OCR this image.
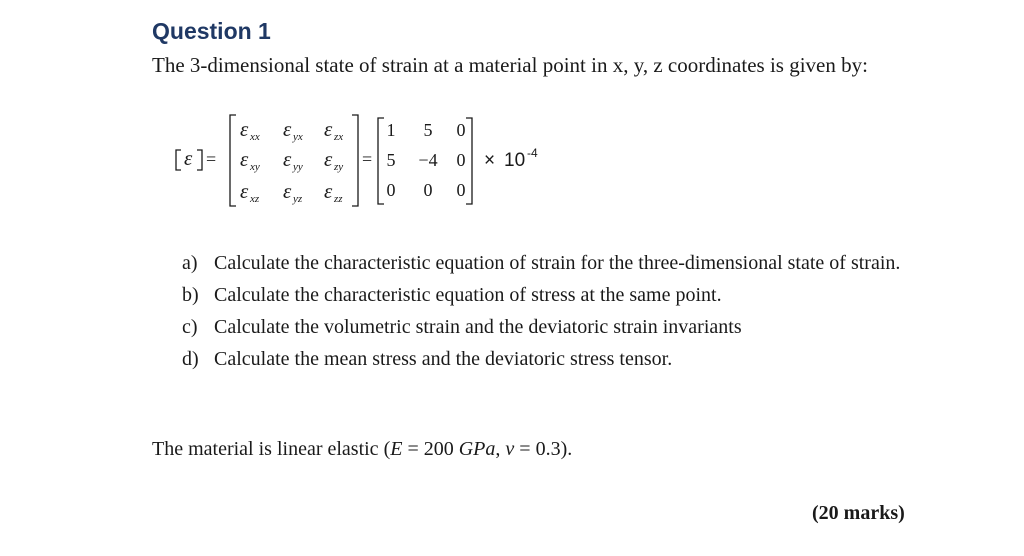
Question 1
The 3-dimensional state of strain at a material point in x, y, z coordinates is given by:
ε =
ε xx ε yx ε zx
ε xy ε yy ε zy
ε xz ε yz ε zz
=
1 5 0
5 −4 0
0 0 0
× 10 -4
a) Calculate the characteristic equation of strain for the three-dimensional state of strain.
b) Calculate the characteristic equation of stress at the same point.
c) Calculate the volumetric strain and the deviatoric strain invariants
d) Calculate the mean stress and the deviatoric stress tensor.
The material is linear elastic (E = 200 GPa, ν = 0.3).
(20 marks)
